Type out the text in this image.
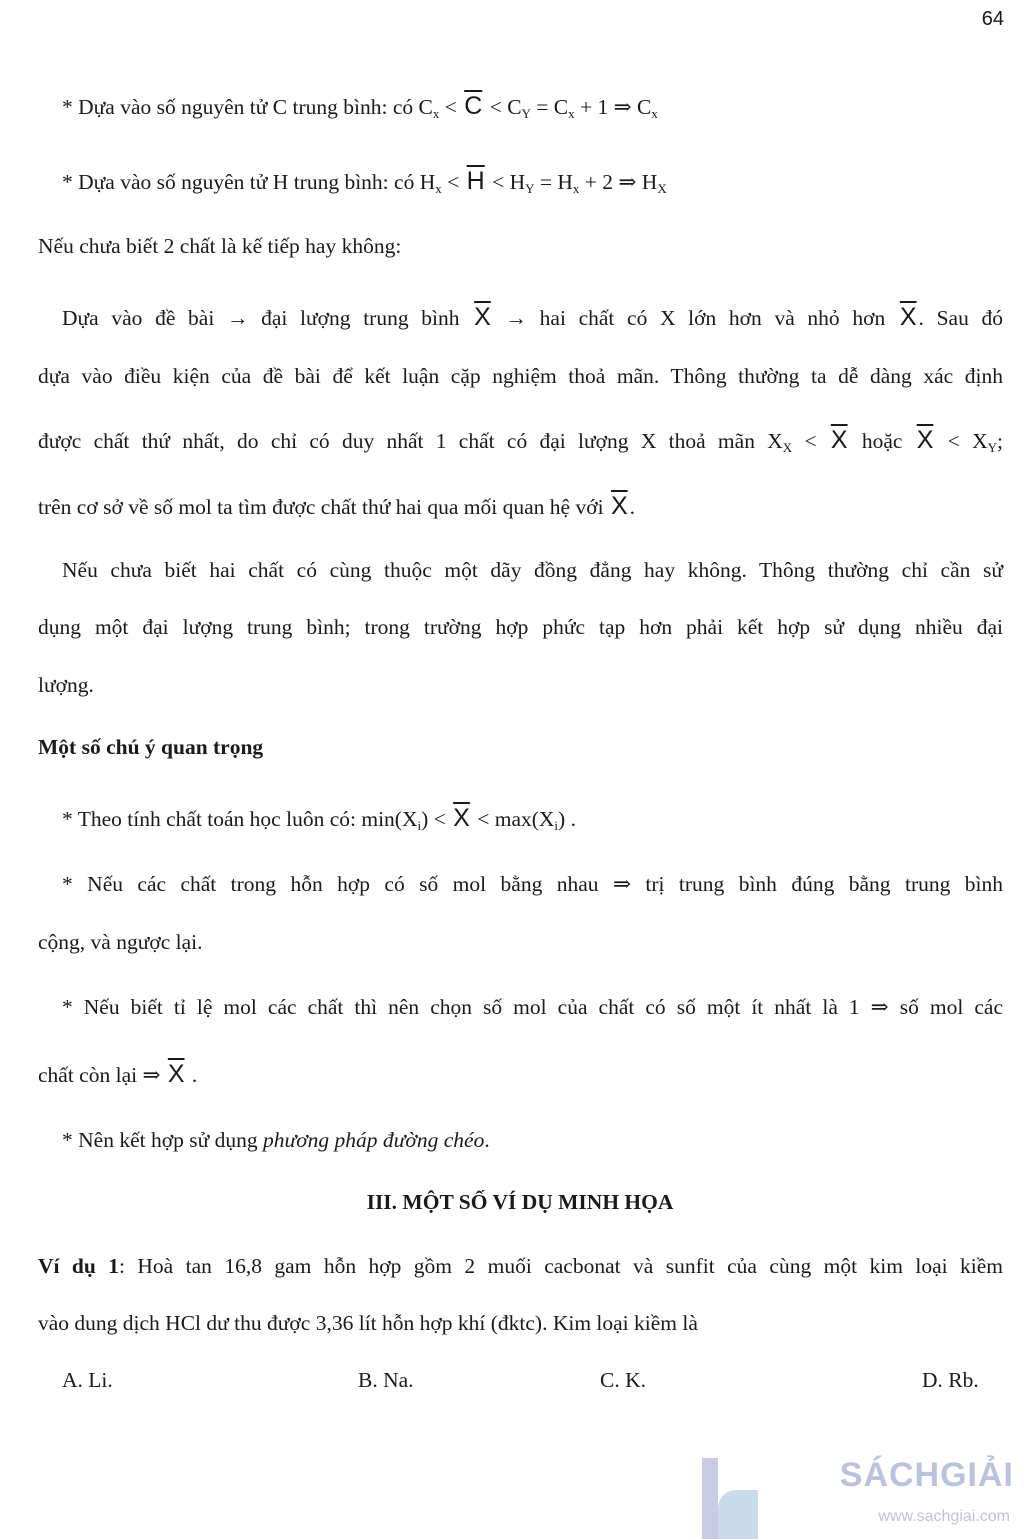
64
* Dựa vào số nguyên tử C trung bình: có $C_x < \overline{C} < C_Y = C_x + 1$ ⇒ $C_x$
* Dựa vào số nguyên tử H trung bình: có $H_x < \overline{H} < H_Y = H_x + 2$ ⇒ $H_X$
Nếu chưa biết 2 chất là kế tiếp hay không:
Dựa vào đề bài → đại lượng trung bình $\overline{X}$ → hai chất có X lớn hơn và nhỏ hơn $\overline{X}$. Sau đó
dựa vào điều kiện của đề bài để kết luận cặp nghiệm thoả mãn. Thông thường ta dễ dàng xác định
được chất thứ nhất, do chỉ có duy nhất 1 chất có đại lượng X thoả mãn $X_X < \overline{X}$ hoặc $\overline{X} < X_Y$;
trên cơ sở về số mol ta tìm được chất thứ hai qua mối quan hệ với $\overline{X}$.
Nếu chưa biết hai chất có cùng thuộc một dãy đồng đẳng hay không. Thông thường chỉ cần sử
dụng một đại lượng trung bình; trong trường hợp phức tạp hơn phải kết hợp sử dụng nhiều đại
lượng.
Một số chú ý quan trọng
* Theo tính chất toán học luôn có: $\min(X_i) < \overline{X} < \max(X_i)$ .
* Nếu các chất trong hỗn hợp có số mol bằng nhau ⇒ trị trung bình đúng bằng trung bình
cộng, và ngược lại.
* Nếu biết tỉ lệ mol các chất thì nên chọn số mol của chất có số một ít nhất là 1 ⇒ số mol các
chất còn lại ⇒ $\overline{X}$ .
* Nên kết hợp sử dụng phương pháp đường chéo.
III. MỘT SỐ VÍ DỤ MINH HỌA
Ví dụ 1: Hoà tan 16,8 gam hỗn hợp gồm 2 muối cacbonat và sunfit của cùng một kim loại kiềm
vào dung dịch HCl dư thu được 3,36 lít hỗn hợp khí (đktc). Kim loại kiềm là
A. Li.	B. Na.	C. K.	D. Rb.
SÁCHGIẢI
www.sachgiai.com
